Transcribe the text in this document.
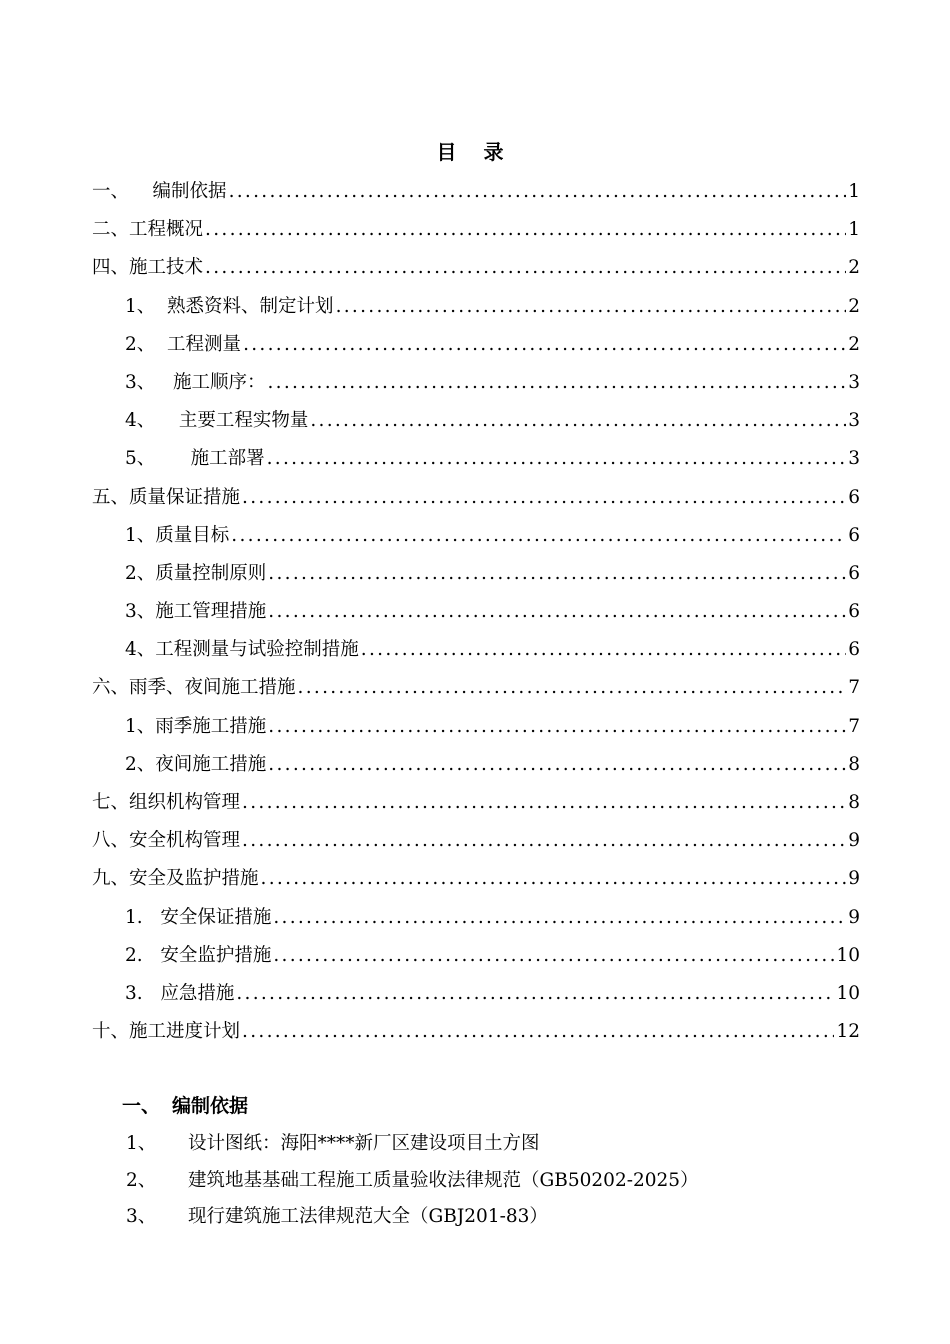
目 录
一、	编制依据 .....	1
二、 工程概况 .....	1
四、 施工技术 .....	2
1、 熟悉资料、制定计划 .....	2
2、 工程测量 .....	2
3、 施工顺序： .....	3
4、	主要工程实物量 .....	3
5、	施工部署 .....	3
五、 质量保证措施 .....	6
1、 质量目标 .....	6
2、 质量控制原则 .....	6
3、 施工管理措施 .....	6
4、 工程测量与试验控制措施 .....	6
六、 雨季、夜间施工措施 .....	7
1、 雨季施工措施 .....	7
2、 夜间施工措施 .....	8
七、 组织机构管理 .....	8
八、 安全机构管理 .....	9
九、 安全及监护措施 .....	9
1. 安全保证措施 .....	9
2. 安全监护措施 .....	10
3. 应急措施 .....	10
十、 施工进度计划 .....	12
一、 编制依据
1、 设计图纸：海阳****新厂区建设项目土方图
2、 建筑地基基础工程施工质量验收法律规范（GB50202-2025）
3、 现行建筑施工法律规范大全（GBJ201-83）
